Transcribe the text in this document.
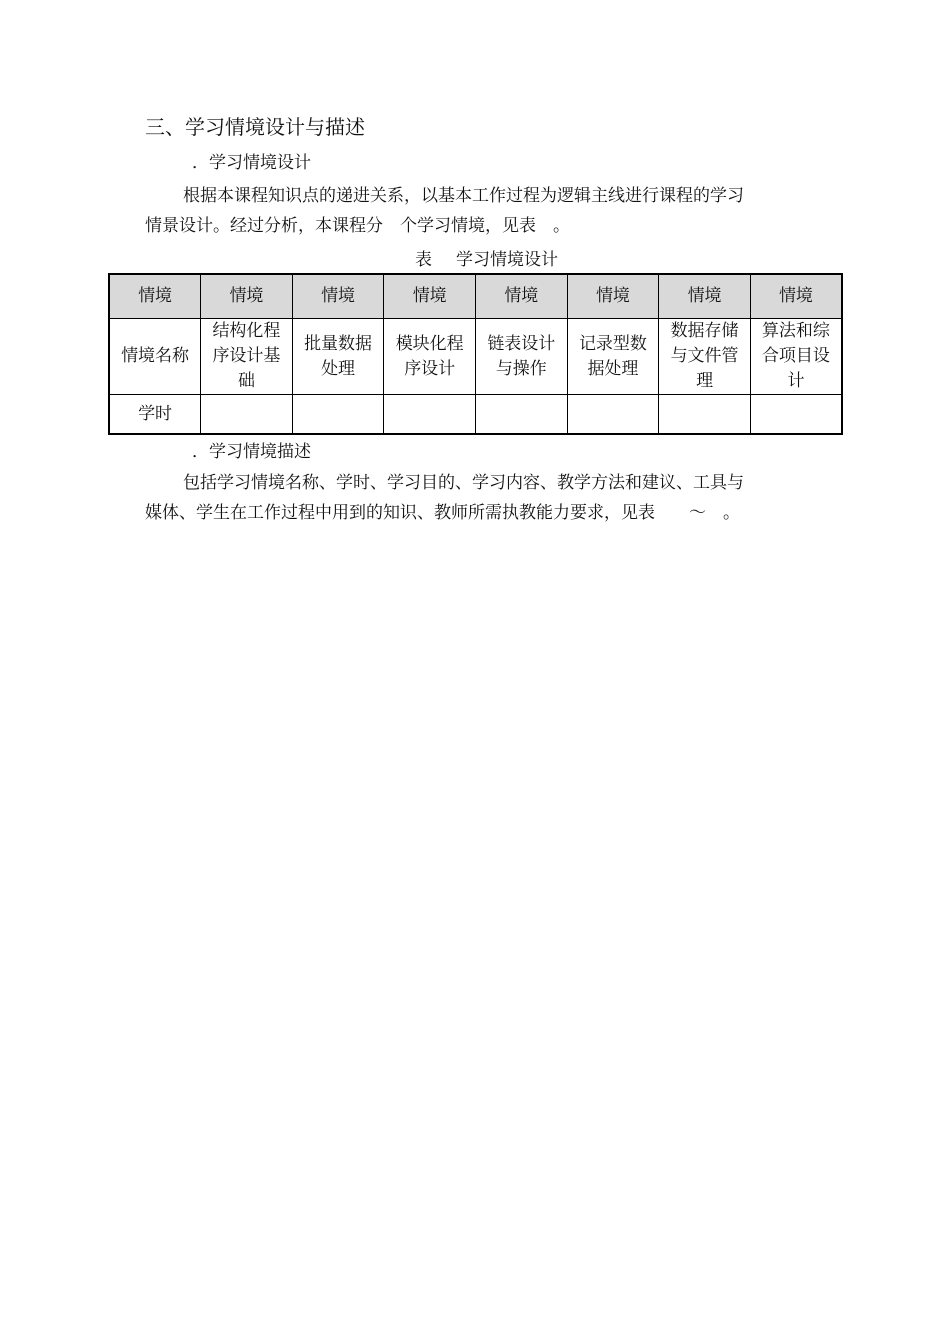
三、学习情境设计与描述
．学习情境设计
根据本课程知识点的递进关系，以基本工作过程为逻辑主线进行课程的学习
情景设计。经过分析，本课程分　个学习情境，见表　。
表 学习情境设计
情境	情境	情境	情境	情境	情境	情境	情境
情境名称	结构化程序设计基础	批量数据处理	模块化程序设计	链表设计与操作	记录型数据处理	数据存储与文件管理	算法和综合项目设计
学时							
．学习情境描述
包括学习情境名称、学时、学习目的、学习内容、教学方法和建议、工具与
媒体、学生在工作过程中用到的知识、教师所需执教能力要求，见表　　～　。
